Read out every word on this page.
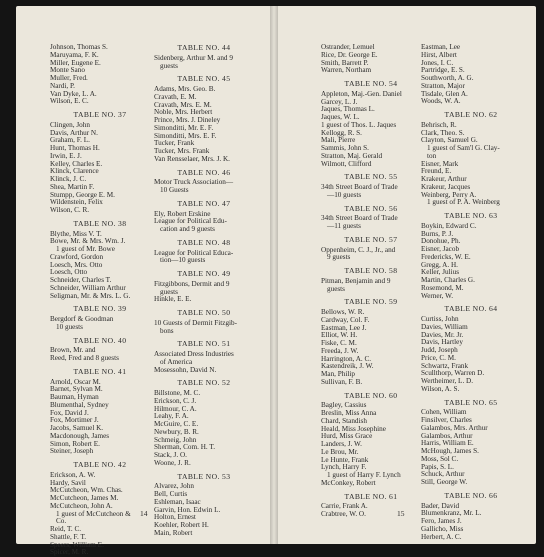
Johnson, Thomas S.
Maruyama, F. K.
Miller, Eugene E.
Monte Sano
Muller, Fred.
Nardi, P.
Van Dyke, L. A.
Wilson, E. C.
TABLE NO. 37
Clingen, John
Davis, Arthur N.
Graham, F. L.
Hunt, Thomas H.
Irwin, E. J.
Kelley, Charles E.
Klinck, Clarence
Klinck, J. C.
Shea, Martin F.
Stumpp, George E. M.
Wildenstein, Felix
Wilson, C. R.
TABLE NO. 38
Blythe, Miss V. T.
Bowe, Mr. & Mrs. Wm. J.
1 guest of Mr. Bowe
Crawford, Gordon
Loesch, Mrs. Otto
Loesch, Otto
Schneider, Charles T.
Schneider, William Arthur
Seligman, Mr. & Mrs. L. G.
TABLE NO. 39
Bergdorf & Goodman
10 guests
TABLE NO. 40
Brown, Mr. and
Reed, Fred and 8 guests
TABLE NO. 41
Arnold, Oscar M.
Barnet, Sylvan M.
Bauman, Hyman
Blumenthal, Sydney
Fox, David J.
Fox, Mortimer J.
Jacobs, Samuel K.
Macdonough, James
Simon, Robert E.
Steiner, Joseph
TABLE NO. 42
Erickson, A. W.
Hardy, Savil
McCutcheon, Wm. Chas.
McCutcheon, James M.
McCutcheon, John A.
1 guest of McCutcheon &
Co.
Reid, T. C.
Shattle, F. T.
Speers, William E.
Spicer, M. R.
TABLE NO. 44
Sidenberg, Arthur M. and 9
guests
TABLE NO. 45
Adams, Mrs. Geo. B.
Cravath, E. M.
Cravath, Mrs. E. M.
Noble, Mrs. Herbert
Prince, Mrs. J. Dineley
Simonditti, Mr. E. F.
Simonditti, Mrs. E. F.
Tucker, Frank
Tucker, Mrs. Frank
Van Rensselaer, Mrs. J. K.
TABLE NO. 46
Motor Truck Association—
10 Guests
TABLE NO. 47
Ely, Robert Erskine
League for Political Edu-
cation and 9 guests
TABLE NO. 48
League for Political Educa-
tion—10 guests
TABLE NO. 49
Fitzgibbons, Dermit and 9
guests
Hinkle, E. E.
TABLE NO. 50
10 Guests of Dermit Fitzgib-
bons
TABLE NO. 51
Associated Dress Industries
of America
Mosessohn, David N.
TABLE NO. 52
Billstone, M. C.
Erickson, C. J.
Hilmour, C. A.
Leahy, F. A.
McGuire, C. E.
Newbury, B. R.
Schmeig, John
Sherman, Com. H. T.
Stack, J. O.
Woone, J. R.
TABLE NO. 53
Alvarez, John
Bell, Curtis
Eshleman, Isaac
Garvin, Hon. Edwin L.
Holton, Ernest
Koehler, Robert H.
Main, Robert
14
Ostrander, Lemuel
Rice, Dr. George E.
Smith, Barrett P.
Warren, Northam
TABLE NO. 54
Appleton, Maj.-Gen. Daniel
Garcey, L. J.
Jaques, Thomas L.
Jaques, W. L.
1 guest of Thos. L. Jaques
Kellogg, R. S.
Mali, Pierre
Sammis, John S.
Stratton, Maj. Gerald
Wilmott, Clifford
TABLE NO. 55
34th Street Board of Trade
—10 guests
TABLE NO. 56
34th Street Board of Trade
—11 guests
TABLE NO. 57
Oppenheim, C. J., Jr., and
9 guests
TABLE NO. 58
Pitman, Benjamin and 9
guests
TABLE NO. 59
Bellows, W. R.
Cardway, Col. F.
Eastman, Lee J.
Elliot, W. H.
Fiske, C. M.
Freeda, J. W.
Harrington, A. C.
Kastendreik, J. W.
Man, Philip
Sullivan, F. B.
TABLE NO. 60
Bagley, Cassius
Breslin, Miss Anna
Chard, Standish
Heald, Miss Josephine
Hurd, Miss Grace
Landers, J. W.
Le Brou, Mr.
Le Hunte, Frank
Lynch, Harry F.
1 guest of Harry F. Lynch
McConkey, Robert
TABLE NO. 61
Carrie, Frank A.
Crabtree, W. O.
Eastman, Lee
Hirst, Albert
Jones, I. C.
Partridge, E. S.
Southworth, A. G.
Stratton, Major
Tisdale, Glen A.
Woods, W. A.
TABLE NO. 62
Behrisch, R.
Clark, Theo. S.
Clayton, Samuel G.
1 guest of Sam'l G. Clay-
ton
Eisner, Mark
Freund, E.
Krakeur, Arthur
Krakeur, Jacques
Weinberg, Perry A.
1 guest of P. A. Weinberg
TABLE NO. 63
Boykin, Edward C.
Burns, P. J.
Donohue, Ph.
Eisner, Jacob
Fredericks, W. E.
Gregg, A. H.
Keller, Julius
Martin, Charles G.
Rosemond, M.
Werner, W.
TABLE NO. 64
Curtiss, John
Davies, William
Davies, Mr. Jr.
Davis, Hartley
Judd, Joseph
Price, C. M.
Schwartz, Frank
Scullthorp, Warren D.
Wertheimer, L. D.
Wilson, A. S.
TABLE NO. 65
Cohen, William
Finsilver, Charles
Galambos, Mrs. Arthur
Galambos, Arthur
Harris, William E.
McHough, James S.
Moss, Sol C.
Papis, S. L.
Schuck, Arthur
Still, George W.
TABLE NO. 66
Bader, David
Blumenkranz, Mr. L.
Fero, James J.
Gallicho, Miss
Herbert, A. C.
15
